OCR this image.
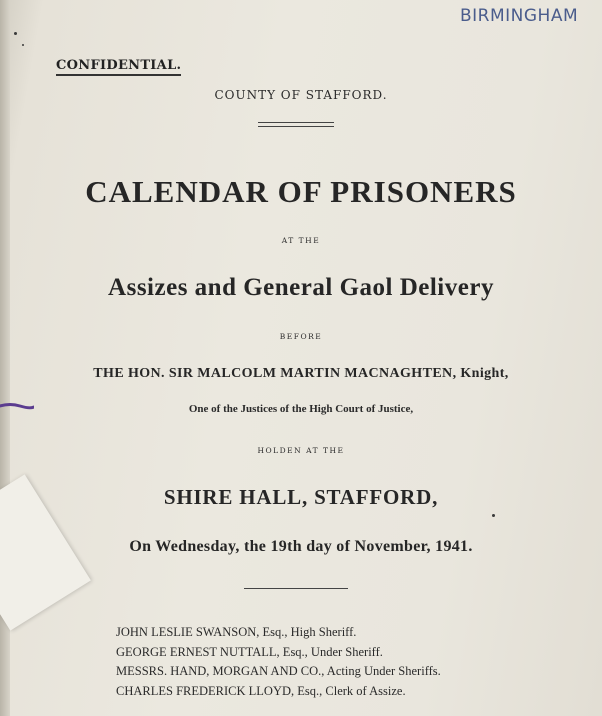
BIRMINGHAM
CONFIDENTIAL.
COUNTY OF STAFFORD.
CALENDAR OF PRISONERS
AT THE
Assizes and General Gaol Delivery
BEFORE
THE HON. SIR MALCOLM MARTIN MACNAGHTEN, Knight,
One of the Justices of the High Court of Justice,
HOLDEN AT THE
SHIRE HALL, STAFFORD,
On Wednesday, the 19th day of November, 1941.
JOHN LESLIE SWANSON, Esq., High Sheriff.
GEORGE ERNEST NUTTALL, Esq., Under Sheriff.
MESSRS. HAND, MORGAN AND CO., Acting Under Sheriffs.
CHARLES FREDERICK LLOYD, Esq., Clerk of Assize.
